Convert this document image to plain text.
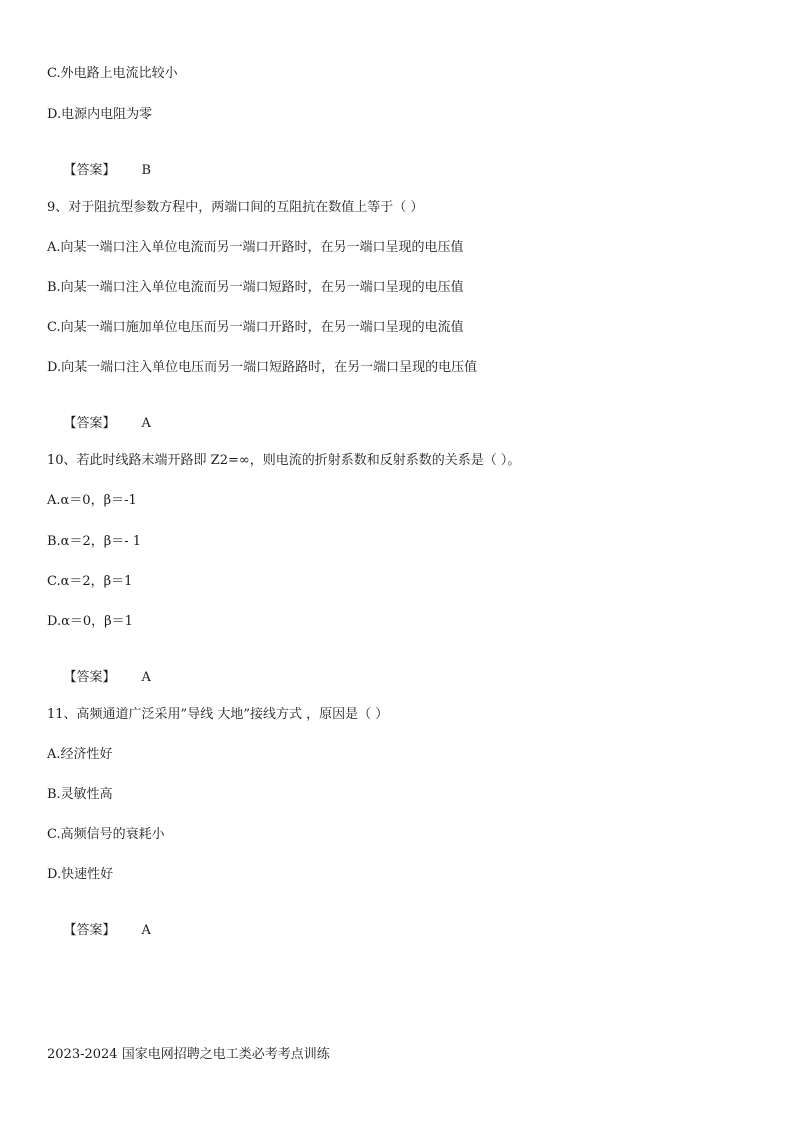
C.外电路上电流比较小
D.电源内电阻为零

【答案】 B

9、对于阻抗型参数方程中，两端口间的互阻抗在数值上等于（ ）
A.向某一端口注入单位电流而另一端口开路时，在另一端口呈现的电压值
B.向某一端口注入单位电流而另一端口短路时，在另一端口呈现的电压值
C.向某一端口施加单位电压而另一端口开路时，在另一端口呈现的电流值
D.向某一端口注入单位电压而另一端口短路路时，在另一端口呈现的电压值

【答案】 A

10、若此时线路末端开路即 Z2=∞，则电流的折射系数和反射系数的关系是（ ）。
A.α＝0，β＝-1
B.α＝2，β＝- 1
C.α＝2，β＝1
D.α＝0，β＝1

【答案】 A

11、高频通道广泛采用”导线 大地”接线方式 ，原因是（ ）
A.经济性好
B.灵敏性高
C.高频信号的衰耗小
D.快速性好

【答案】 A

2023-2024 国家电网招聘之电工类必考考点训练
